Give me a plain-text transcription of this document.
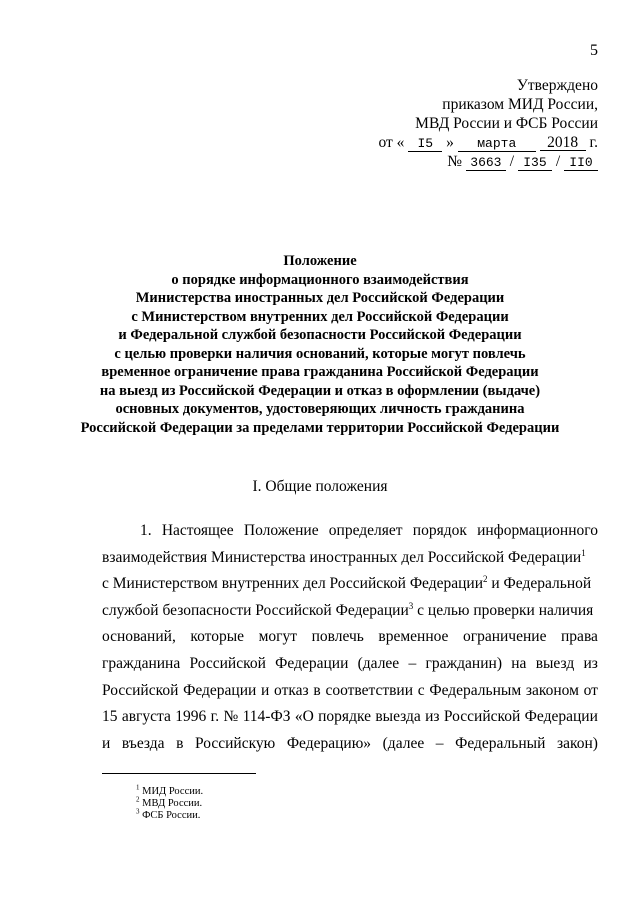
5
Утверждено
приказом МИД России,
МВД России и ФСБ России
от « I5 » марта 2018 г.
№ 3663 / I35 / II0
Положение
о порядке информационного взаимодействия
Министерства иностранных дел Российской Федерации
с Министерством внутренних дел Российской Федерации
и Федеральной службой безопасности Российской Федерации
с целью проверки наличия оснований, которые могут повлечь
временное ограничение права гражданина Российской Федерации
на выезд из Российской Федерации и отказ в оформлении (выдаче)
основных документов, удостоверяющих личность гражданина
Российской Федерации за пределами территории Российской Федерации
I. Общие положения
1. Настоящее Положение определяет порядок информационного
взаимодействия Министерства иностранных дел Российской Федерации$^1$
с Министерством внутренних дел Российской Федерации$^2$ и Федеральной
службой безопасности Российской Федерации$^3$ с целью проверки наличия
оснований, которые могут повлечь временное ограничение права
гражданина Российской Федерации (далее – гражданин) на выезд из
Российской Федерации и отказ в соответствии с Федеральным законом от
15 августа 1996 г. № 114-ФЗ «О порядке выезда из Российской Федерации
и въезда в Российскую Федерацию» (далее – Федеральный закон)
$^1$ МИД России.
$^2$ МВД России.
$^3$ ФСБ России.
